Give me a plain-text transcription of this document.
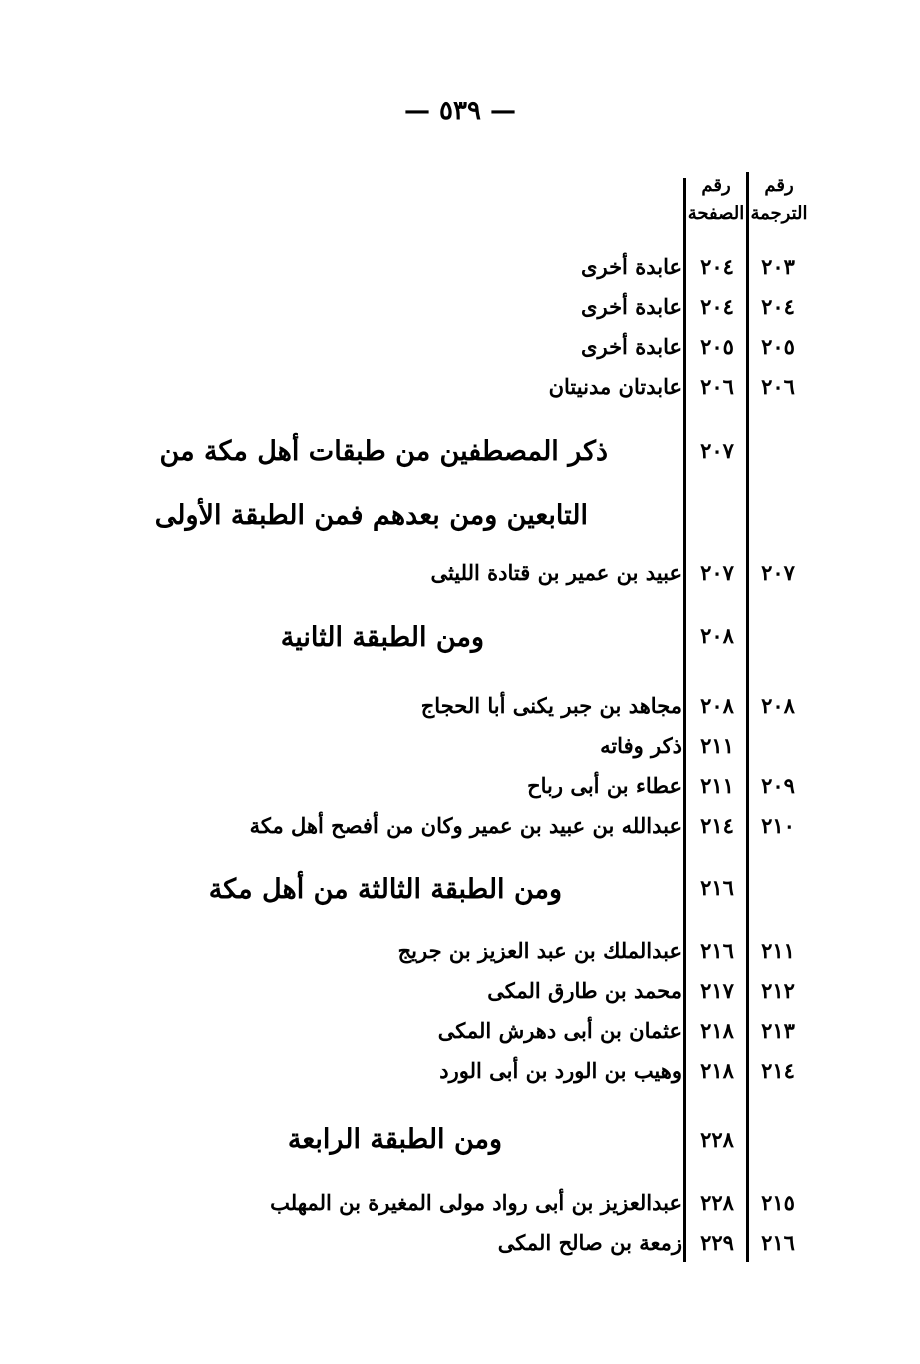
— ٥٣٩ —
رقم
الترجمة
رقم
الصفحة
٢٠٣
٢٠٤
عابدة أخرى
٢٠٤
٢٠٤
عابدة أخرى
٢٠٥
٢٠٥
عابدة أخرى
٢٠٦
٢٠٦
عابدتان مدنيتان
٢٠٧
ذكر المصطفين من طبقات أهل مكة من
التابعين ومن بعدهم فمن الطبقة الأولى
٢٠٧
٢٠٧
عبيد بن عمير بن قتادة الليثى
٢٠٨
ومن الطبقة الثانية
٢٠٨
٢٠٨
مجاهد بن جبر يكنى أبا الحجاج
٢١١
ذكر وفاته
٢٠٩
٢١١
عطاء بن أبى رباح
٢١٠
٢١٤
عبدالله بن عبيد بن عمير وكان من أفصح أهل مكة
٢١٦
ومن الطبقة الثالثة من أهل مكة
٢١١
٢١٦
عبدالملك بن عبد العزيز بن جريج
٢١٢
٢١٧
محمد بن طارق المكى
٢١٣
٢١٨
عثمان بن أبى دهرش المكى
٢١٤
٢١٨
وهيب بن الورد بن أبى الورد
٢٢٨
ومن الطبقة الرابعة
٢١٥
٢٢٨
عبدالعزيز بن أبى رواد مولى المغيرة بن المهلب
٢١٦
٢٢٩
زمعة بن صالح المكى
